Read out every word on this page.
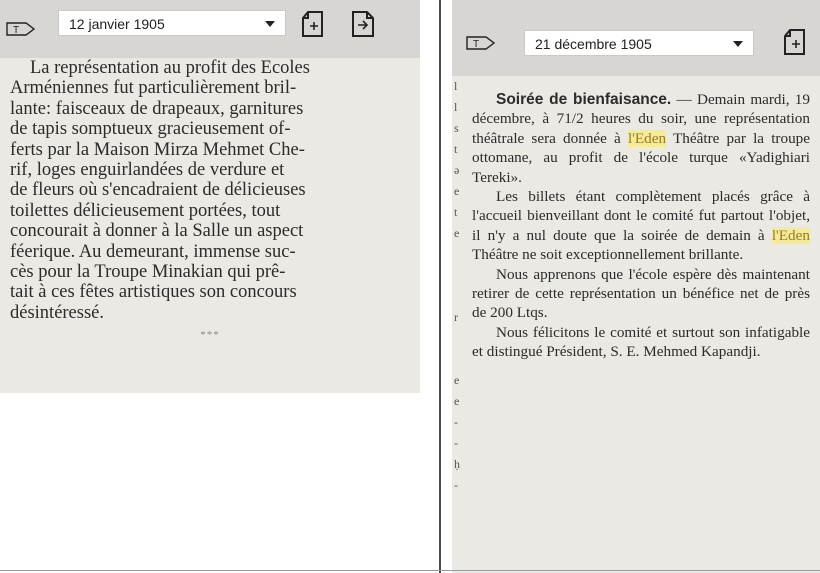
T	12 janvier 1905
La représentation au profit des Ecoles
Arméniennes fut particulièrement bril-
lante: faisceaux de drapeaux, garnitures
de tapis somptueux gracieusement of-
ferts par la Maison Mirza Mehmet Che-
rif, loges enguirlandées de verdure et
de fleurs où s'encadraient de délicieuses
toilettes délicieusement portées, tout
concourait à donner à la Salle un aspect
féerique. Au demeurant, immense suc-
cès pour la Troupe Minakian qui prê-
tait à ces fêtes artistiques son concours
désintéressé.
***
T	21 décembre 1905
l
l
s
t
ə
e
t
e

r

e
e
-
-
ḥ
-

Soirée de bienfaisance. — Demain mardi, 19 décembre, à 71/2 heures du soir, une représentation théâtrale sera donnée à l'Eden Théâtre par la troupe ottomane, au profit de l'école turque «Yadighiari Tereki».

Les billets étant complètement placés grâce à l'accueil bienveillant dont le comité fut partout l'objet, il n'y a nul doute que la soirée de demain à l'Eden Théâtre ne soit exceptionnellement brillante.

Nous apprenons que l'école espère dès maintenant retirer de cette représentation un bénéfice net de près de 200 Ltqs.

Nous félicitons le comité et surtout son infatigable et distingué Président, S. E. Mehmed Kapandji.
